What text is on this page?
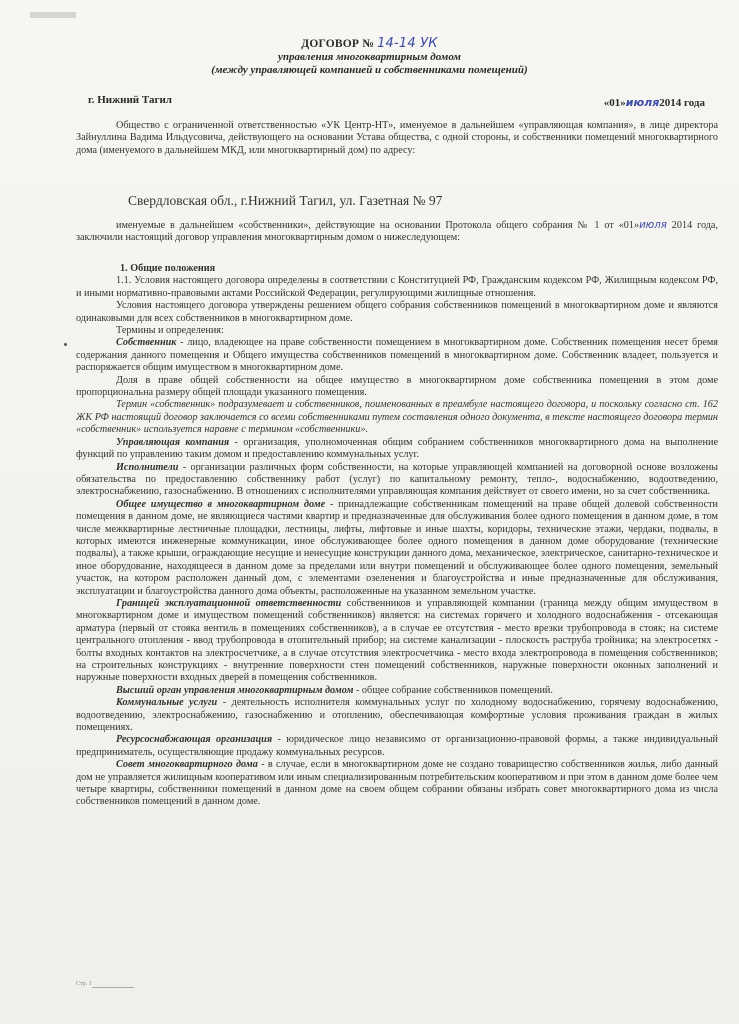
ДОГОВОР № 14-14 УК
управления многоквартирным домом
(между управляющей компанией и собственниками помещений)
г. Нижний Тагил	«01»июля2014 года

Общество с ограниченной ответственностью «УК Центр-НТ», именуемое в дальнейшем «управляющая компания», в лице директора Зайнуллина Вадима Ильдусовича, действующего на основании Устава общества, с одной стороны, и собственники помещений многоквартирного дома (именуемого в дальнейшем МКД, или многоквартирный дом) по адресу:

Свердловская обл., г.Нижний Тагил, ул. Газетная № 97

именуемые в дальнейшем «собственники», действующие на основании Протокола общего собрания № 1 от «01»июля 2014 года, заключили настоящий договор управления многоквартирным домом о нижеследующем:

1. Общие положения

1.1. Условия настоящего договора определены в соответствии с Конституцией РФ, Гражданским кодексом РФ, Жилищным кодексом РФ, и иными нормативно-правовыми актами Российской Федерации, регулирующими жилищные отношения.

Условия настоящего договора утверждены решением общего собрания собственников помещений в многоквартирном доме и являются одинаковыми для всех собственников в многоквартирном доме.

Термины и определения:

Собственник - лицо, владеющее на праве собственности помещением в многоквартирном доме. Собственник помещения несет бремя содержания данного помещения и Общего имущества собственников помещений в многоквартирном доме. Собственник владеет, пользуется и распоряжается общим имуществом в многоквартирном доме.

Доля в праве общей собственности на общее имущество в многоквартирном доме собственника помещения в этом доме пропорциональна размеру общей площади указанного помещения.

Термин «собственник» подразумевает и собственников, поименованных в преамбуле настоящего договора, и поскольку согласно ст. 162 ЖК РФ настоящий договор заключается со всеми собственниками путем составления одного документа, в тексте настоящего договора термин «собственник» используется наравне с термином «собственники».

Управляющая компания - организация, уполномоченная общим собранием собственников многоквартирного дома на выполнение функций по управлению таким домом и предоставлению коммунальных услуг.

Исполнители - организации различных форм собственности, на которые управляющей компанией на договорной основе возложены обязательства по предоставлению собственнику работ (услуг) по капитальному ремонту, тепло-, водоснабжению, водоотведению, электроснабжению, газоснабжению. В отношениях с исполнителями управляющая компания действует от своего имени, но за счет собственника.

Общее имущество в многоквартирном доме - принадлежащие собственникам помещений на праве общей долевой собственности помещения в данном доме, не являющиеся частями квартир и предназначенные для обслуживания более одного помещения в данном доме, в том числе межквартирные лестничные площадки, лестницы, лифты, лифтовые и иные шахты, коридоры, технические этажи, чердаки, подвалы, в которых имеются инженерные коммуникации, иное обслуживающее более одного помещения в данном доме оборудование (технические подвалы), а также крыши, ограждающие несущие и ненесущие конструкции данного дома, механическое, электрическое, санитарно-техническое и иное оборудование, находящееся в данном доме за пределами или внутри помещений и обслуживающее более одного помещения, земельный участок, на котором расположен данный дом, с элементами озеленения и благоустройства и иные предназначенные для обслуживания, эксплуатации и благоустройства данного дома объекты, расположенные на указанном земельном участке.

Границей эксплуатационной ответственности собственников и управляющей компании (граница между общим имуществом в многоквартирном доме и имуществом помещений собственников) является: на системах горячего и холодного водоснабжения - отсекающая арматура (первый от стояка вентиль в помещениях собственников), а в случае ее отсутствия - место врезки трубопровода в стояк; на системе центрального отопления - ввод трубопровода в отопительный прибор; на системе канализации - плоскость раструба тройника; на электросетях - болты входных контактов на электросчетчике, а в случае отсутствия электросчетчика - место входа электропровода в помещения собственников; на строительных конструкциях - внутренние поверхности стен помещений собственников, наружные поверхности оконных заполнений и наружные поверхности входных дверей в помещения собственников.

Высший орган управления многоквартирным домом - общее собрание собственников помещений.

Коммунальные услуги - деятельность исполнителя коммунальных услуг по холодному водоснабжению, горячему водоснабжению, водоотведению, электроснабжению, газоснабжению и отоплению, обеспечивающая комфортные условия проживания граждан в жилых помещениях.

Ресурсоснабжающая организация - юридическое лицо независимо от организационно-правовой формы, а также индивидуальный предприниматель, осуществляющие продажу коммунальных ресурсов.

Совет многоквартирного дома - в случае, если в многоквартирном доме не создано товарищество собственников жилья, либо данный дом не управляется жилищным кооперативом или иным специализированным потребительским кооперативом и при этом в данном доме более чем четыре квартиры, собственники помещений в данном доме на своем общем собрании обязаны избрать совет многоквартирного дома из числа собственников помещений в данном доме.

Стр. 1
